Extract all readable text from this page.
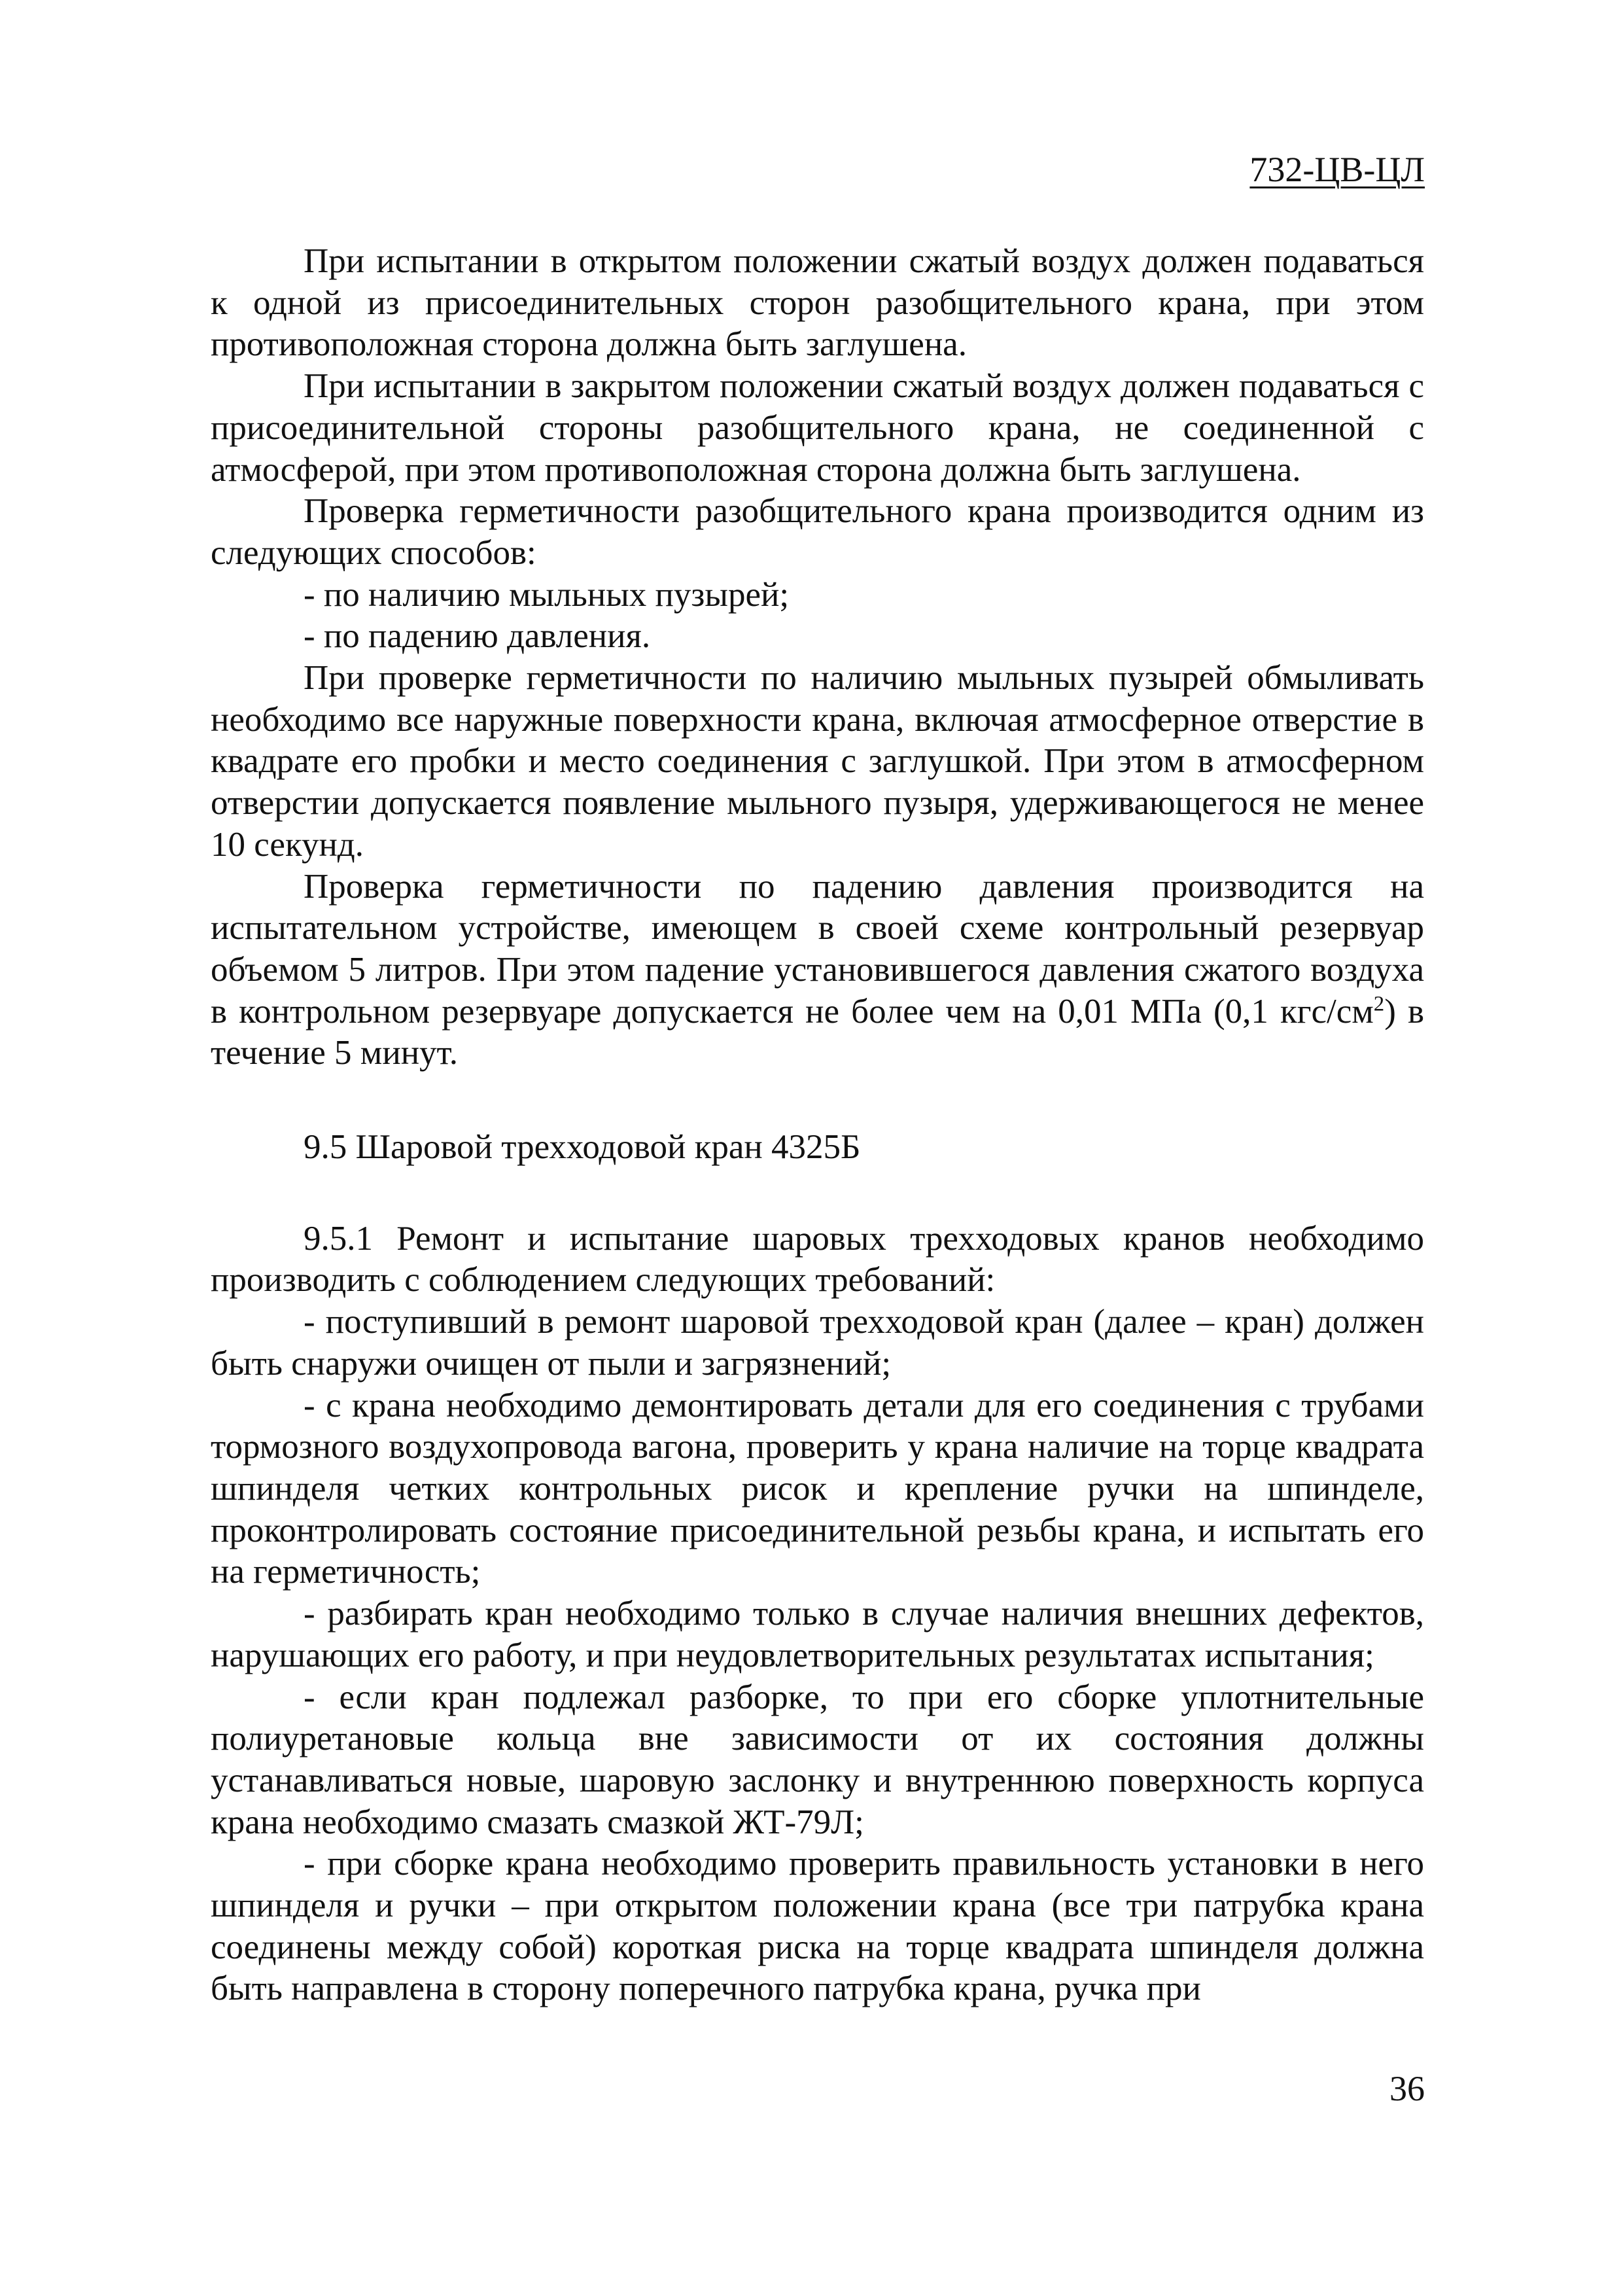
732-ЦВ-ЦЛ

При испытании в открытом положении сжатый воздух должен подаваться к одной из присоединительных сторон разобщительного крана, при этом противоположная сторона должна быть заглушена.

При испытании в закрытом положении сжатый воздух должен подаваться с присоединительной стороны разобщительного крана, не соединенной с атмосферой, при этом противоположная сторона должна быть заглушена.

Проверка герметичности разобщительного крана производится одним из следующих способов:

- по наличию мыльных пузырей;

- по падению давления.

При проверке герметичности по наличию мыльных пузырей обмыливать необходимо все наружные поверхности крана, включая атмосферное отверстие в квадрате его пробки и место соединения с заглушкой. При этом в атмосферном отверстии допускается появление мыльного пузыря, удерживающегося не менее 10 секунд.

Проверка герметичности по падению давления производится на испытательном устройстве, имеющем в своей схеме контрольный резервуар объемом 5 литров. При этом падение установившегося давления сжатого воздуха в контрольном резервуаре допускается не более чем на 0,01 МПа (0,1 кгс/$см^2$) в течение 5 минут.

9.5 Шаровой трехходовой кран 4325Б

9.5.1 Ремонт и испытание шаровых трехходовых кранов необходимо производить с соблюдением следующих требований:

- поступивший в ремонт шаровой трехходовой кран (далее – кран) должен быть снаружи очищен от пыли и загрязнений;

- с крана необходимо демонтировать детали для его соединения с трубами тормозного воздухопровода вагона, проверить у крана наличие на торце квадрата шпинделя четких контрольных рисок и крепление ручки на шпинделе, проконтролировать состояние присоединительной резьбы крана, и испытать его на герметичность;

- разбирать кран необходимо только в случае наличия внешних дефектов, нарушающих его работу, и при неудовлетворительных результатах испытания;

- если кран подлежал разборке, то при его сборке уплотнительные полиуретановые кольца вне зависимости от их состояния должны устанавливаться новые, шаровую заслонку и внутреннюю поверхность корпуса крана необходимо смазать смазкой ЖТ-79Л;

- при сборке крана необходимо проверить правильность установки в него шпинделя и ручки – при открытом положении крана (все три патрубка крана соединены между собой) короткая риска на торце квадрата шпинделя должна быть направлена в сторону поперечного патрубка крана, ручка при

36
